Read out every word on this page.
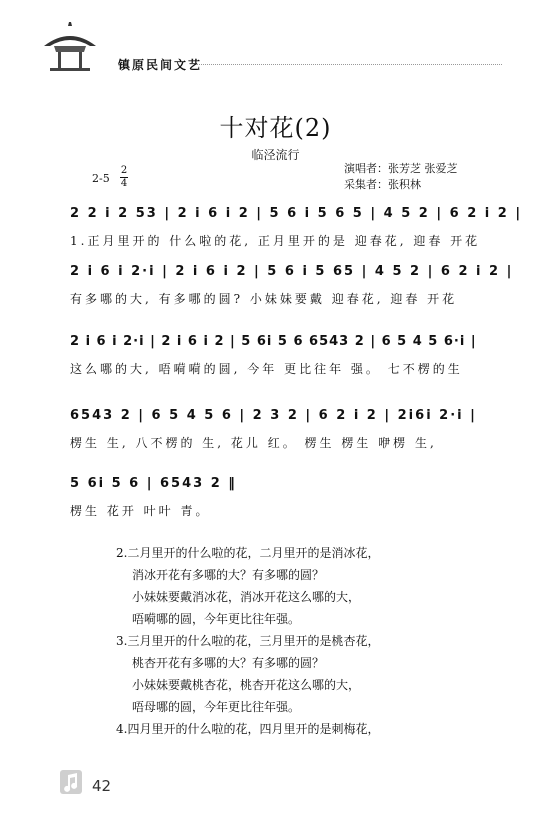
镇原民间文艺
十对花(2)
临泾流行
演唱者：张芳芝 张爱芝
采集者：张积林
2-5
2
4
2 2 i 2 53 | 2 i 6 i 2 | 5 6 i 5 6 5 | 4 5 2 | 6 2 i 2 |
1.正月里开的 什么啦的花, 正月里开的是 迎春花, 迎春 开花
2 i 6 i 2·i | 2 i 6 i 2 | 5 6 i 5 65 | 4 5 2 | 6 2 i 2 |
有多哪的大, 有多哪的圆? 小妹妹要戴 迎春花, 迎春 开花
2 i 6 i 2·i | 2 i 6 i 2 | 5 6i 5 6 6543 2 | 6 5 4 5 6·i |
这么哪的大, 唔嗬嗬的圆, 今年 更比往年 强。 七不楞的生
6543 2 | 6 5 4 5 6 | 2 3 2 | 6 2 i 2 | 2i6i 2·i |
楞生 生, 八不楞的 生, 花儿 红。 楞生 楞生 咿楞 生,
5 6i 5 6 | 6543 2 ‖
楞生 花开 叶叶 青。
2.二月里开的什么啦的花，二月里开的是消冰花，
消冰开花有多哪的大？有多哪的圆？
小妹妹要戴消冰花，消冰开花这么哪的大，
唔嗬哪的圆，今年更比往年强。
3.三月里开的什么啦的花，三月里开的是桃杏花，
桃杏开花有多哪的大？有多哪的圆？
小妹妹要戴桃杏花，桃杏开花这么哪的大，
唔母哪的圆，今年更比往年强。
4.四月里开的什么啦的花，四月里开的是刺梅花，
42
